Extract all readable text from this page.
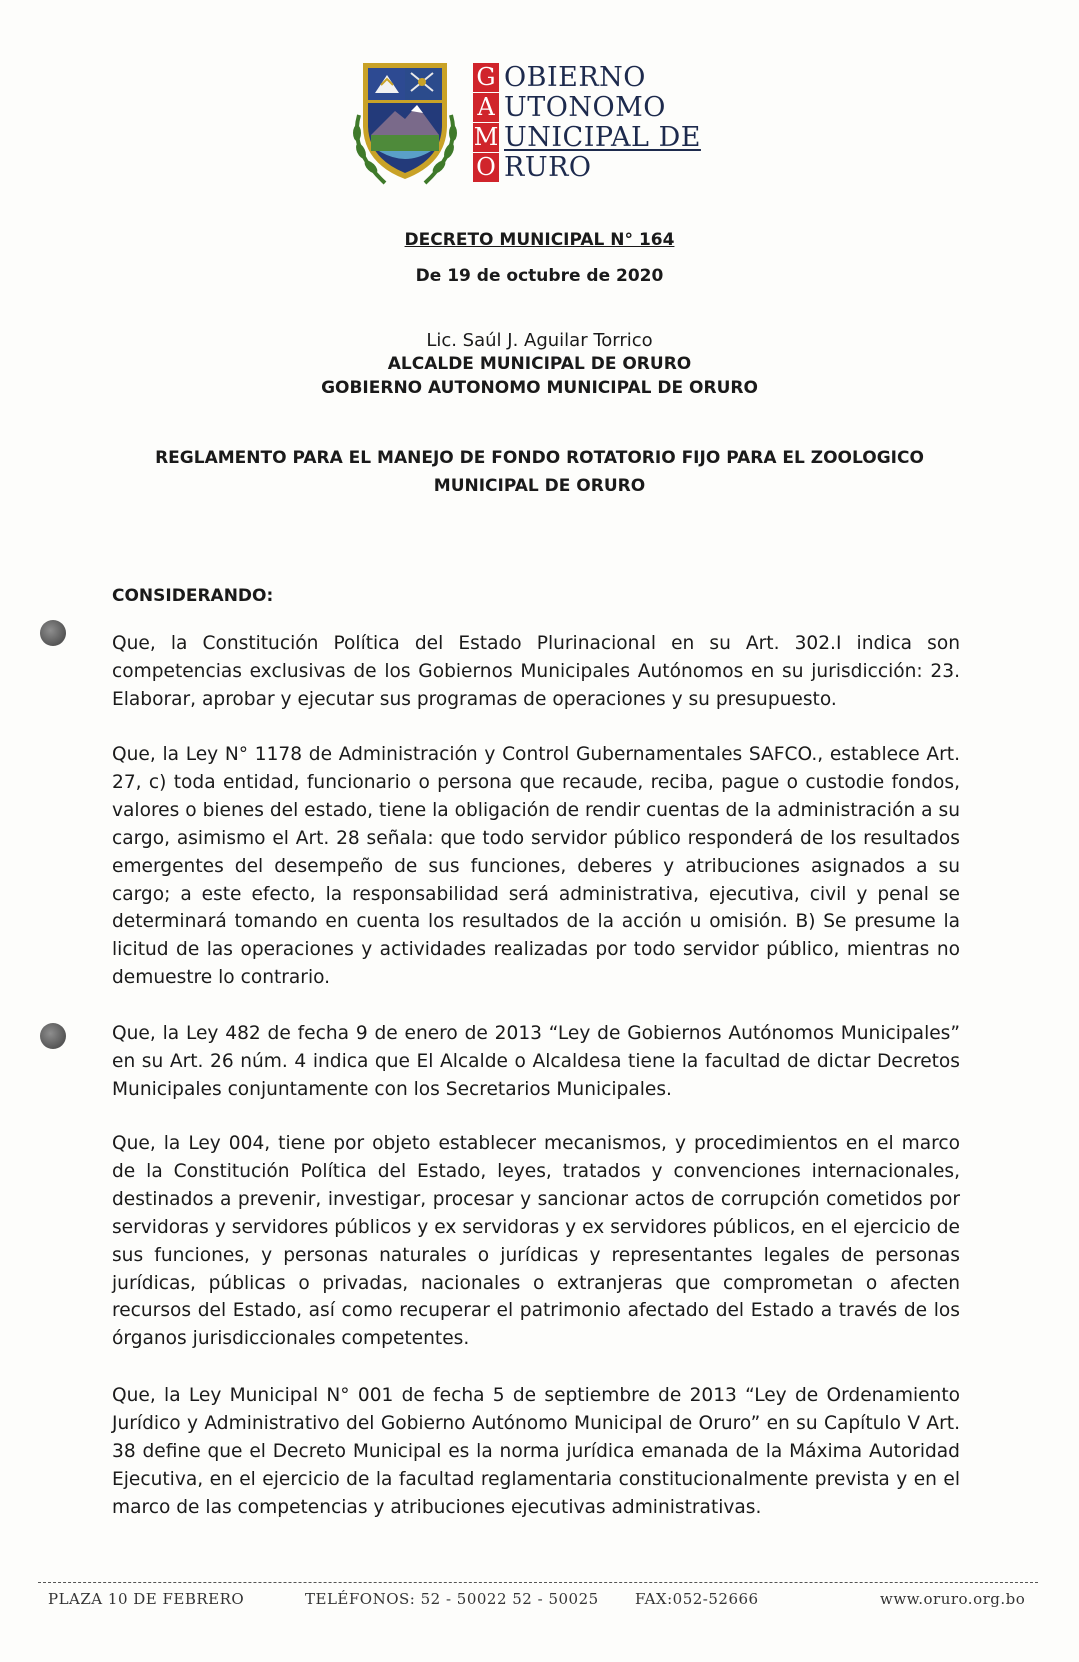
G
A
M
O
OBIERNO
UTONOMO
UNICIPAL DE
RURO
DECRETO MUNICIPAL N° 164
De 19 de octubre de 2020
Lic. Saúl J. Aguilar Torrico
ALCALDE MUNICIPAL DE ORURO
GOBIERNO AUTONOMO MUNICIPAL DE ORURO
REGLAMENTO PARA EL MANEJO DE FONDO ROTATORIO FIJO PARA EL ZOOLOGICO
MUNICIPAL DE ORURO
CONSIDERANDO:

Que, la Constitución Política del Estado Plurinacional en su Art. 302.I indica son competencias exclusivas de los Gobiernos Municipales Autónomos en su jurisdicción: 23. Elaborar, aprobar y ejecutar sus programas de operaciones y su presupuesto.

Que, la Ley N° 1178 de Administración y Control Gubernamentales SAFCO., establece Art. 27, c) toda entidad, funcionario o persona que recaude, reciba, pague o custodie fondos, valores o bienes del estado, tiene la obligación de rendir cuentas de la administración a su cargo, asimismo el Art. 28 señala: que todo servidor público responderá de los resultados emergentes del desempeño de sus funciones, deberes y atribuciones asignados a su cargo; a este efecto, la responsabilidad será administrativa, ejecutiva, civil y penal se determinará tomando en cuenta los resultados de la acción u omisión. B) Se presume la licitud de las operaciones y actividades realizadas por todo servidor público, mientras no demuestre lo contrario.

Que, la Ley 482 de fecha 9 de enero de 2013 “Ley de Gobiernos Autónomos Municipales” en su Art. 26 núm. 4 indica que El Alcalde o Alcaldesa tiene la facultad de dictar Decretos Municipales conjuntamente con los Secretarios Municipales.

Que, la Ley 004, tiene por objeto establecer mecanismos, y procedimientos en el marco de la Constitución Política del Estado, leyes, tratados y convenciones internacionales, destinados a prevenir, investigar, procesar y sancionar actos de corrupción cometidos por servidoras y servidores públicos y ex servidoras y ex servidores públicos, en el ejercicio de sus funciones, y personas naturales o jurídicas y representantes legales de personas jurídicas, públicas o privadas, nacionales o extranjeras que comprometan o afecten recursos del Estado, así como recuperar el patrimonio afectado del Estado a través de los órganos jurisdiccionales competentes.

Que, la Ley Municipal N° 001 de fecha 5 de septiembre de 2013 “Ley de Ordenamiento Jurídico y Administrativo del Gobierno Autónomo Municipal de Oruro” en su Capítulo V Art. 38 define que el Decreto Municipal es la norma jurídica emanada de la Máxima Autoridad Ejecutiva, en el ejercicio de la facultad reglamentaria constitucionalmente prevista y en el marco de las competencias y atribuciones ejecutivas administrativas.

PLAZA 10 DE FEBRERO	TELÉFONOS: 52 - 50022 52 - 50025 FAX:052-52666	www.oruro.org.bo
